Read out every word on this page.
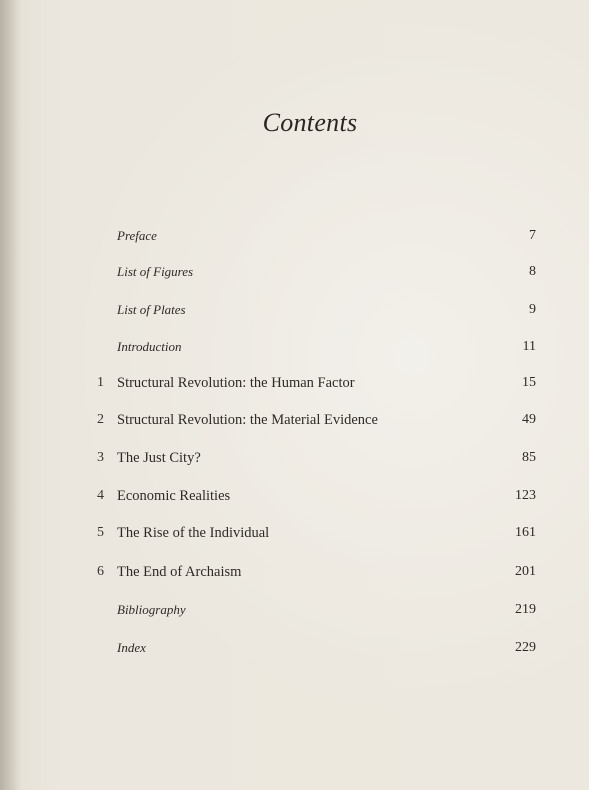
Contents
Preface	7
List of Figures	8
List of Plates	9
Introduction	11
1 Structural Revolution: the Human Factor	15
2 Structural Revolution: the Material Evidence	49
3 The Just City?	85
4 Economic Realities	123
5 The Rise of the Individual	161
6 The End of Archaism	201
Bibliography	219
Index	229
